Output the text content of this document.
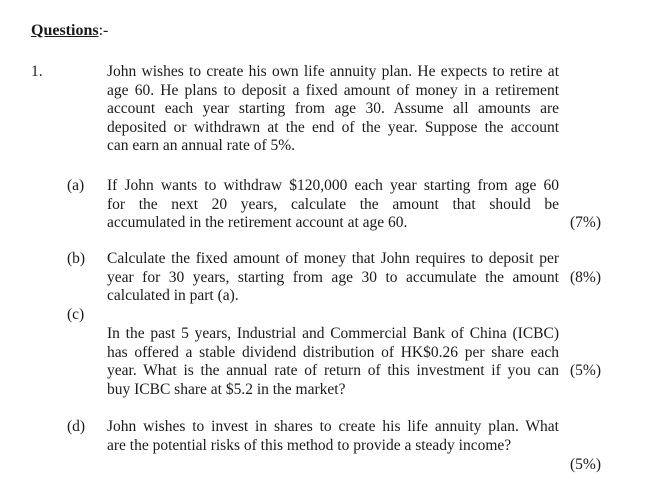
Questions:-
1.	John wishes to create his own life annuity plan. He expects to retire at
age 60. He plans to deposit a fixed amount of money in a retirement
account each year starting from age 30. Assume all amounts are
deposited or withdrawn at the end of the year. Suppose the account
can earn an annual rate of 5%.
(a) If John wants to withdraw $120,000 each year starting from age 60
for the next 20 years, calculate the amount that should be
accumulated in the retirement account at age 60.	(7%)
(b) Calculate the fixed amount of money that John requires to deposit per
year for 30 years, starting from age 30 to accumulate the amount
calculated in part (a).
(8%)
(c)
In the past 5 years, Industrial and Commercial Bank of China (ICBC)
has offered a stable dividend distribution of HK$0.26 per share each
year. What is the annual rate of return of this investment if you can
buy ICBC share at $5.2 in the market?
(5%)
(d) John wishes to invest in shares to create his life annuity plan. What
are the potential risks of this method to provide a steady income?
(5%)
